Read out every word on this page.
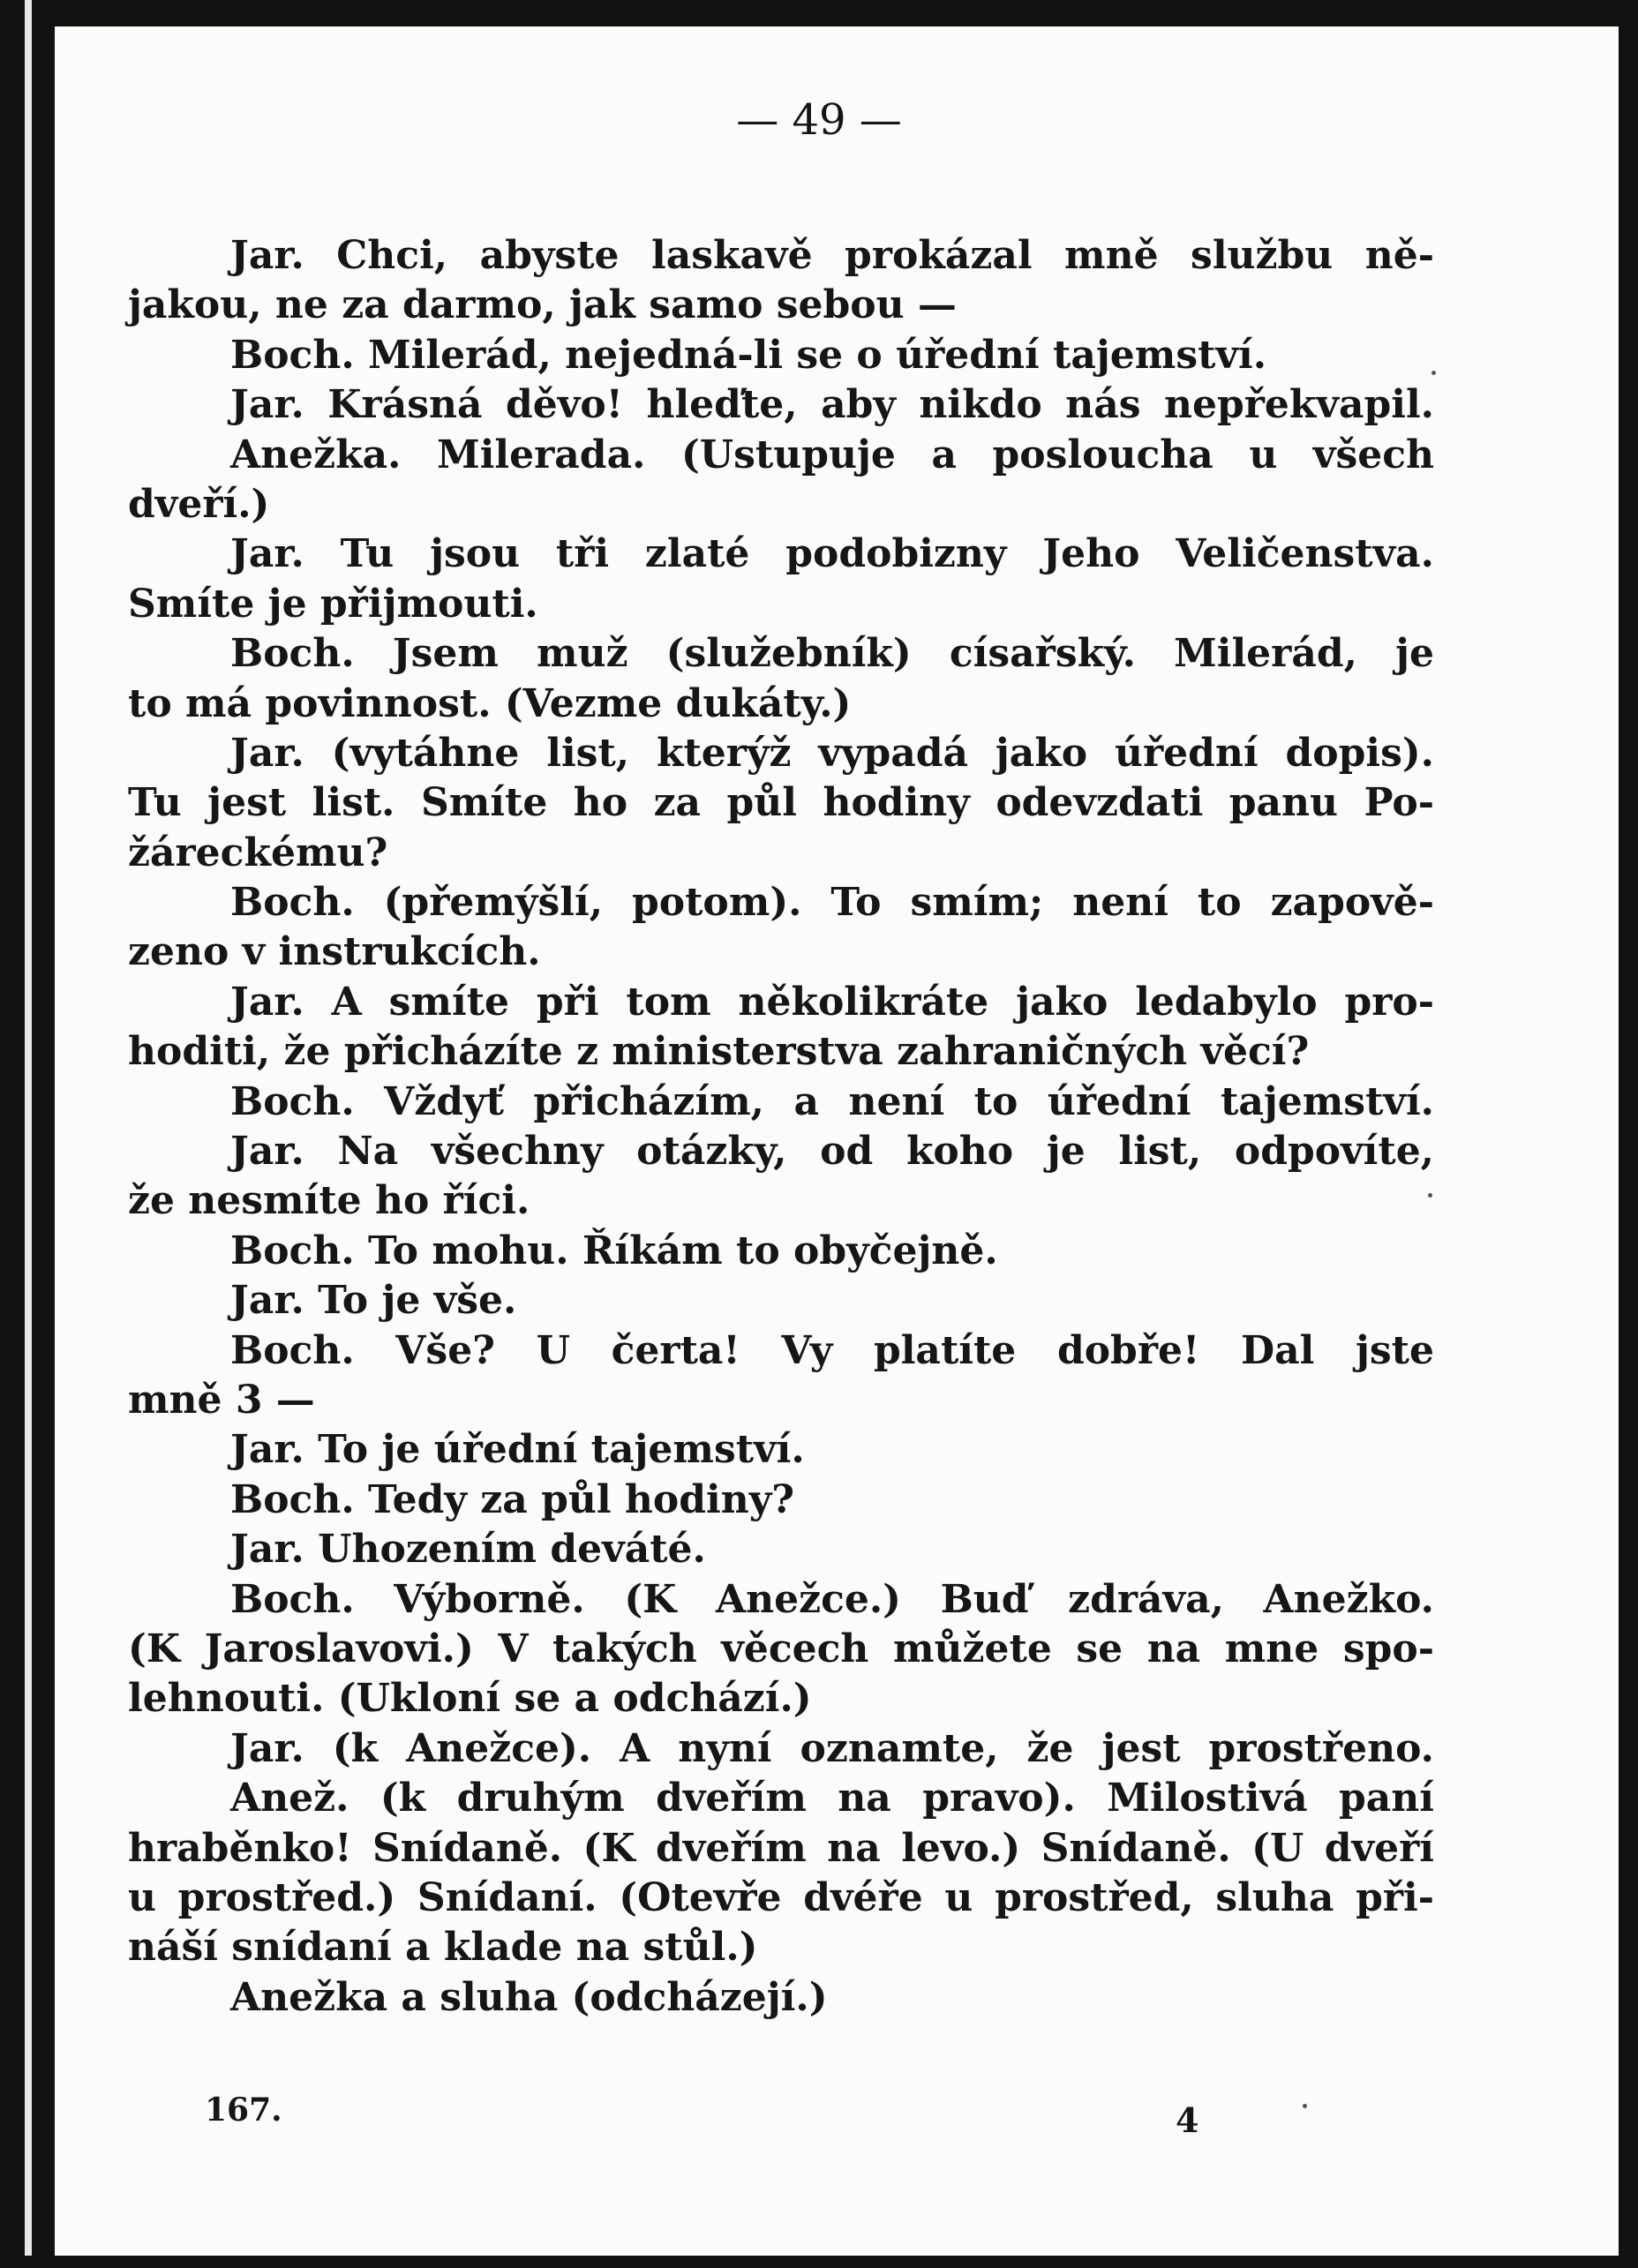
— 49 —
Jar. Chci, abyste laskavě prokázal mně službu ně-
jakou, ne za darmo, jak samo sebou —
Boch. Milerád, nejedná-li se o úřední tajemství.
Jar. Krásná děvo! hleďte, aby nikdo nás nepřekvapil.
Anežka. Milerada. (Ustupuje a posloucha u všech
dveří.)
Jar. Tu jsou tři zlaté podobizny Jeho Veličenstva.
Smíte je přijmouti.
Boch. Jsem muž (služebník) císařský. Milerád, je
to má povinnost. (Vezme dukáty.)
Jar. (vytáhne list, kterýž vypadá jako úřední dopis).
Tu jest list. Smíte ho za půl hodiny odevzdati panu Po-
žáreckému?
Boch. (přemýšlí, potom). To smím; není to zapově-
zeno v instrukcích.
Jar. A smíte při tom několikráte jako ledabylo pro-
hoditi, že přicházíte z ministerstva zahraničných věcí?
Boch. Vždyť přicházím, a není to úřední tajemství.
Jar. Na všechny otázky, od koho je list, odpovíte,
že nesmíte ho říci.
Boch. To mohu. Říkám to obyčejně.
Jar. To je vše.
Boch. Vše? U čerta! Vy platíte dobře! Dal jste
mně 3 —
Jar. To je úřední tajemství.
Boch. Tedy za půl hodiny?
Jar. Uhozením deváté.
Boch. Výborně. (K Anežce.) Buď zdráva, Anežko.
(K Jaroslavovi.) V takých věcech můžete se na mne spo-
lehnouti. (Ukloní se a odchází.)
Jar. (k Anežce). A nyní oznamte, že jest prostřeno.
Anež. (k druhým dveřím na pravo). Milostivá paní
hraběnko! Snídaně. (K dveřím na levo.) Snídaně. (U dveří
u prostřed.) Snídaní. (Otevře dvéře u prostřed, sluha při-
náší snídaní a klade na stůl.)
Anežka a sluha (odcházejí.)
167.	4
